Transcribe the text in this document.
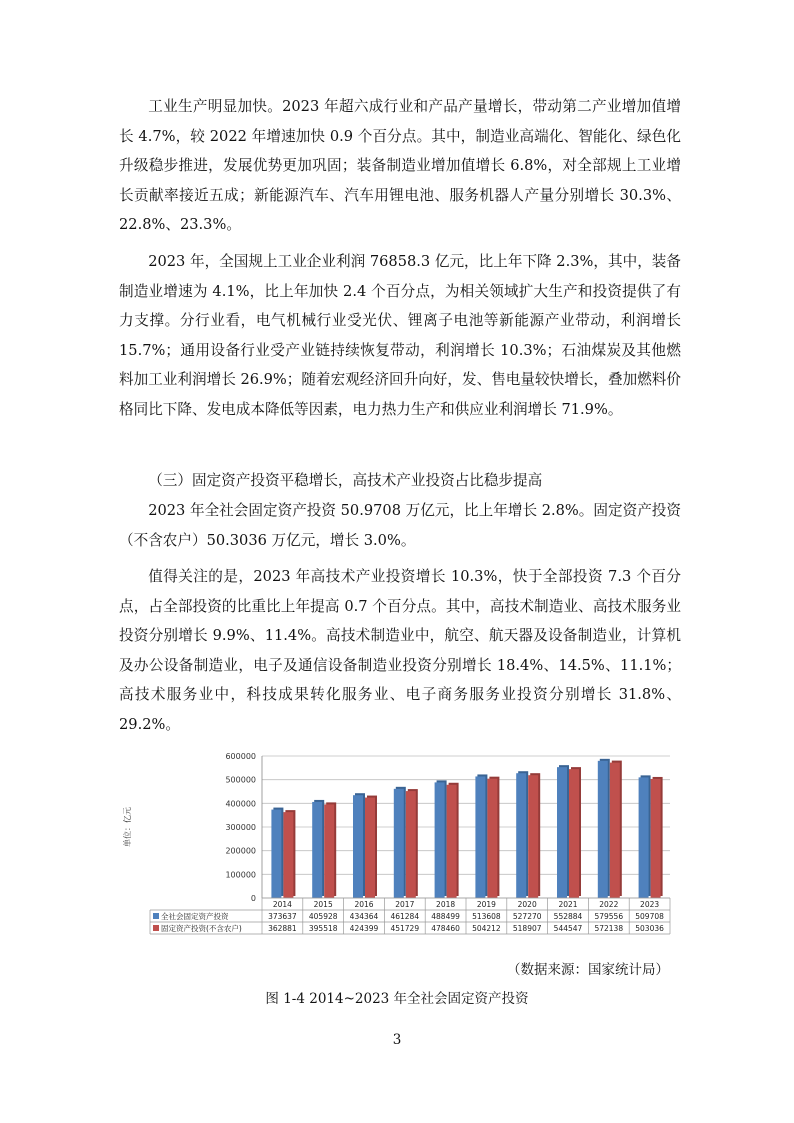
工业生产明显加快。2023 年超六成行业和产品产量增长，带动第二产业增加值增长 4.7%，较 2022 年增速加快 0.9 个百分点。其中，制造业高端化、智能化、绿色化升级稳步推进，发展优势更加巩固；装备制造业增加值增长 6.8%，对全部规上工业增长贡献率接近五成；新能源汽车、汽车用锂电池、服务机器人产量分别增长 30.3%、22.8%、23.3%。

2023 年，全国规上工业企业利润 76858.3 亿元，比上年下降 2.3%，其中，装备制造业增速为 4.1%，比上年加快 2.4 个百分点，为相关领域扩大生产和投资提供了有力支撑。分行业看，电气机械行业受光伏、锂离子电池等新能源产业带动，利润增长 15.7%；通用设备行业受产业链持续恢复带动，利润增长 10.3%；石油煤炭及其他燃料加工业利润增长 26.9%；随着宏观经济回升向好，发、售电量较快增长，叠加燃料价格同比下降、发电成本降低等因素，电力热力生产和供应业利润增长 71.9%。

（三）固定资产投资平稳增长，高技术产业投资占比稳步提高

2023 年全社会固定资产投资 50.9708 万亿元，比上年增长 2.8%。固定资产投资（不含农户）50.3036 万亿元，增长 3.0%。

值得关注的是，2023 年高技术产业投资增长 10.3%，快于全部投资 7.3 个百分点，占全部投资的比重比上年提高 0.7 个百分点。其中，高技术制造业、高技术服务业投资分别增长 9.9%、11.4%。高技术制造业中，航空、航天器及设备制造业，计算机及办公设备制造业，电子及通信设备制造业投资分别增长 18.4%、14.5%、11.1%；高技术服务业中，科技成果转化服务业、电子商务服务业投资分别增长 31.8%、29.2%。

0
100000
200000
300000
400000
500000
600000
单位：亿元
2014	2015	2016	2017	2018	2019	2020	2021	2022	2023
全社会固定资产投资	373637 405928 434364 461284 488499 513608 527270 552884 579556 509708
固定资产投资(不含农户)	362881 395518 424399 451729 478460 504212 518907 544547 572138 503036
（数据来源：国家统计局）
图 1-4 2014~2023 年全社会固定资产投资
3
